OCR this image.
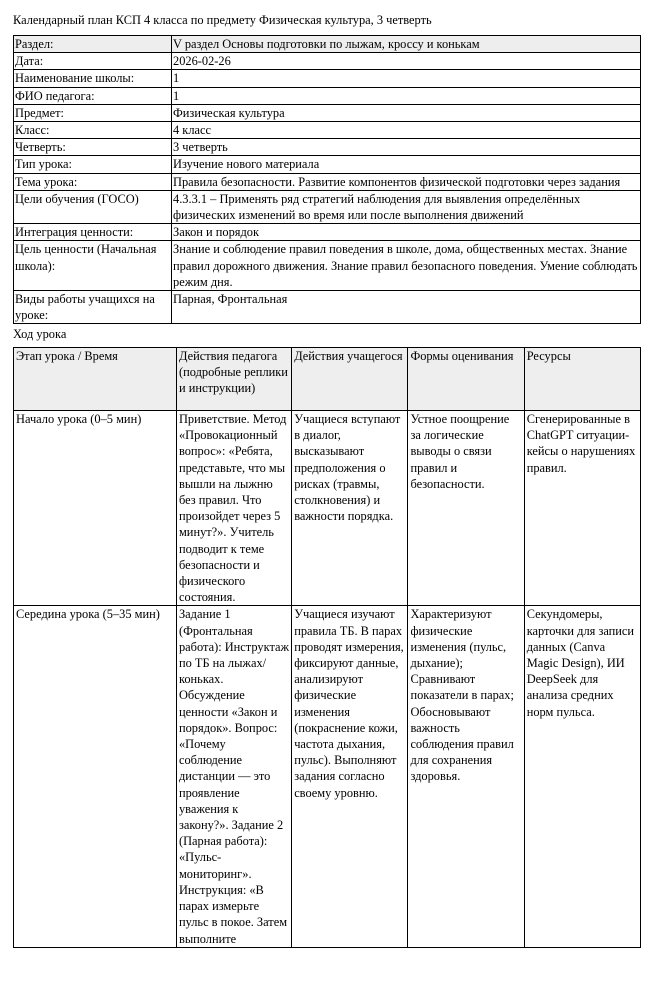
Календарный план КСП 4 класса по предмету Физическая культура, 3 четверть
Раздел:	V раздел Основы подготовки по лыжам, кроссу и конькам
Дата:	2026-02-26
Наименование школы:	1
ФИО педагога:	1
Предмет:	Физическая культура
Класс:	4 класс
Четверть:	3 четверть
Тип урока:	Изучение нового материала
Тема урока:	Правила безопасности. Развитие компонентов физической подготовки через задания
Цели обучения (ГОСО)	4.3.3.1 – Применять ряд стратегий наблюдения для выявления определённых физических изменений во время или после выполнения движений
Интеграция ценности:	Закон и порядок
Цель ценности (Начальная школа):	Знание и соблюдение правил поведения в школе, дома, общественных местах. Знание правил дорожного движения. Знание правил безопасного поведения. Умение соблюдать режим дня.
Виды работы учащихся на уроке:	Парная, Фронтальная
Ход урока
Этап урока / Время	Действия педагога (подробные реплики и инструкции)	Действия учащегося	Формы оценивания	Ресурсы
Начало урока (0–5 мин)	Приветствие. Метод «Провокационный вопрос»: «Ребята, представьте, что мы вышли на лыжню без правил. Что произойдет через 5 минут?». Учитель подводит к теме безопасности и физического состояния.	Учащиеся вступают в диалог, высказывают предположения о рисках (травмы, столкновения) и важности порядка.	Устное поощрение за логические выводы о связи правил и безопасности.	Сгенерированные в ChatGPT ситуации-кейсы о нарушениях правил.
Середина урока (5–35 мин)	Задание 1 (Фронтальная работа): Инструктаж по ТБ на лыжах/коньках. Обсуждение ценности «Закон и порядок». Вопрос: «Почему соблюдение дистанции — это проявление уважения к закону?». Задание 2 (Парная работа): «Пульс-мониторинг». Инструкция: «В парах измерьте пульс в покое. Затем выполните	Учащиеся изучают правила ТБ. В парах проводят измерения, фиксируют данные, анализируют физические изменения (покраснение кожи, частота дыхания, пульс). Выполняют задания согласно своему уровню.	Характеризуют физические изменения (пульс, дыхание); Сравнивают показатели в парах; Обосновывают важность соблюдения правил для сохранения здоровья.	Секундомеры, карточки для записи данных (Canva Magic Design), ИИ DeepSeek для анализа средних норм пульса.
